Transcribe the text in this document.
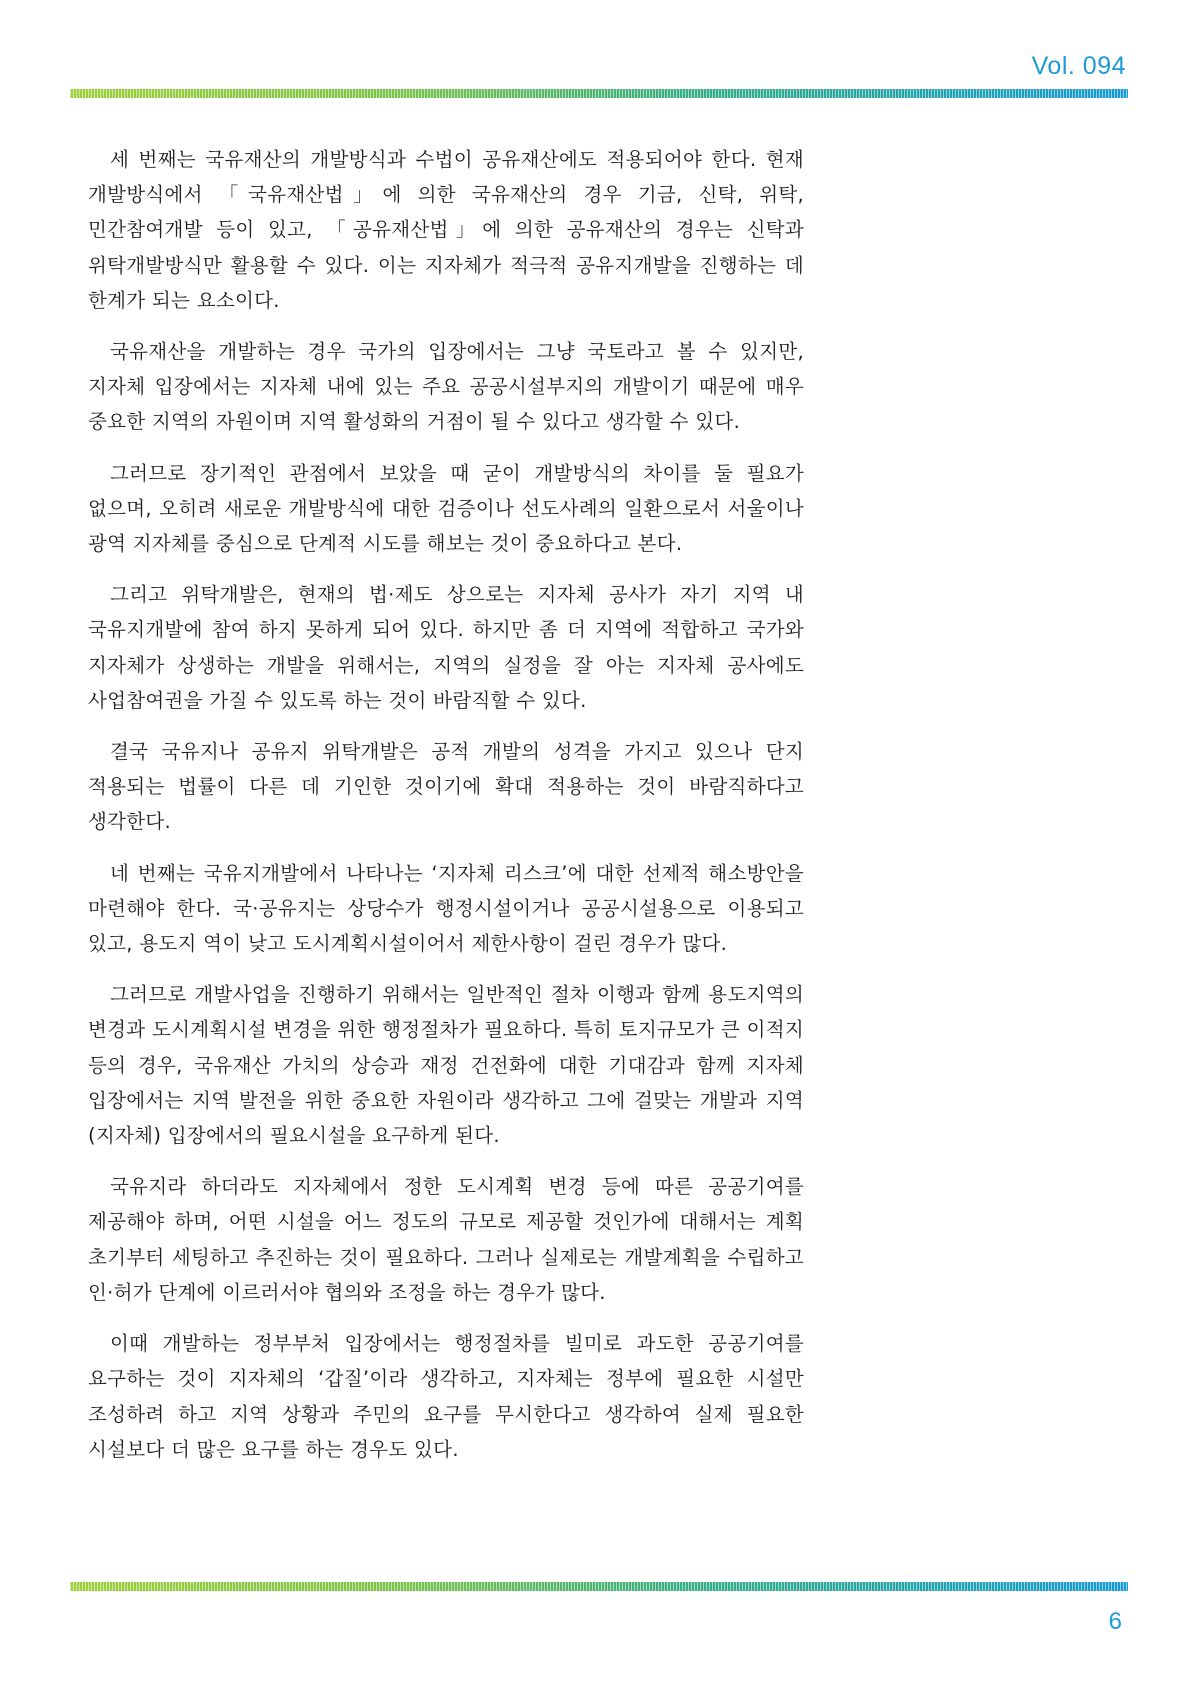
Vol. 094

세 번째는 국유재산의 개발방식과 수법이 공유재산에도 적용되어야 한다. 현재 개발방식에서 「국유재산법」에 의한 국유재산의 경우 기금, 신탁, 위탁, 민간참여개발 등이 있고, 「공유재산법」에 의한 공유재산의 경우는 신탁과 위탁개발방식만 활용할 수 있다. 이는 지자체가 적극적 공유지개발을 진행하는 데 한계가 되는 요소이다.

국유재산을 개발하는 경우 국가의 입장에서는 그냥 국토라고 볼 수 있지만, 지자체 입장에서는 지자체 내에 있는 주요 공공시설부지의 개발이기 때문에 매우 중요한 지역의 자원이며 지역 활성화의 거점이 될 수 있다고 생각할 수 있다.

그러므로 장기적인 관점에서 보았을 때 굳이 개발방식의 차이를 둘 필요가 없으며, 오히려 새로운 개발방식에 대한 검증이나 선도사례의 일환으로서 서울이나 광역 지자체를 중심으로 단계적 시도를 해보는 것이 중요하다고 본다.

그리고 위탁개발은, 현재의 법·제도 상으로는 지자체 공사가 자기 지역 내 국유지개발에 참여 하지 못하게 되어 있다. 하지만 좀 더 지역에 적합하고 국가와 지자체가 상생하는 개발을 위해서는, 지역의 실정을 잘 아는 지자체 공사에도 사업참여권을 가질 수 있도록 하는 것이 바람직할 수 있다.

결국 국유지나 공유지 위탁개발은 공적 개발의 성격을 가지고 있으나 단지 적용되는 법률이 다른 데 기인한 것이기에 확대 적용하는 것이 바람직하다고 생각한다.

네 번째는 국유지개발에서 나타나는 ‘지자체 리스크’에 대한 선제적 해소방안을 마련해야 한다. 국·공유지는 상당수가 행정시설이거나 공공시설용으로 이용되고 있고, 용도지 역이 낮고 도시계획시설이어서 제한사항이 걸린 경우가 많다.

그러므로 개발사업을 진행하기 위해서는 일반적인 절차 이행과 함께 용도지역의 변경과 도시계획시설 변경을 위한 행정절차가 필요하다. 특히 토지규모가 큰 이적지 등의 경우, 국유재산 가치의 상승과 재정 건전화에 대한 기대감과 함께 지자체 입장에서는 지역 발전을 위한 중요한 자원이라 생각하고 그에 걸맞는 개발과 지역(지자체) 입장에서의 필요시설을 요구하게 된다.

국유지라 하더라도 지자체에서 정한 도시계획 변경 등에 따른 공공기여를 제공해야 하며, 어떤 시설을 어느 정도의 규모로 제공할 것인가에 대해서는 계획 초기부터 세팅하고 추진하는 것이 필요하다. 그러나 실제로는 개발계획을 수립하고 인·허가 단계에 이르러서야 협의와 조정을 하는 경우가 많다.

이때 개발하는 정부부처 입장에서는 행정절차를 빌미로 과도한 공공기여를 요구하는 것이 지자체의 ‘갑질’이라 생각하고, 지자체는 정부에 필요한 시설만 조성하려 하고 지역 상황과 주민의 요구를 무시한다고 생각하여 실제 필요한 시설보다 더 많은 요구를 하는 경우도 있다.

6
